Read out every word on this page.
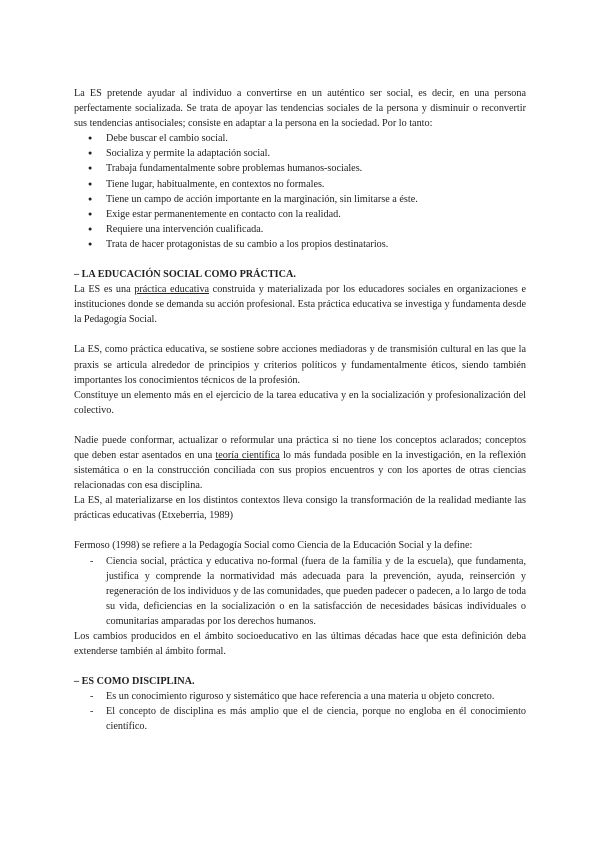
La ES pretende ayudar al individuo a convertirse en un auténtico ser social, es decir, en una persona perfectamente socializada. Se trata de apoyar las tendencias sociales de la persona y disminuir o reconvertir sus tendencias antisociales; consiste en adaptar a la persona en la sociedad. Por lo tanto:

● Debe buscar el cambio social.
● Socializa y permite la adaptación social.
● Trabaja fundamentalmente sobre problemas humanos-sociales.
● Tiene lugar, habitualmente, en contextos no formales.
● Tiene un campo de acción importante en la marginación, sin limitarse a éste.
● Exige estar permanentemente en contacto con la realidad.
● Requiere una intervención cualificada.
● Trata de hacer protagonistas de su cambio a los propios destinatarios.

– LA EDUCACIÓN SOCIAL COMO PRÁCTICA.

La ES es una práctica educativa construida y materializada por los educadores sociales en organizaciones e instituciones donde se demanda su acción profesional. Esta práctica educativa se investiga y fundamenta desde la Pedagogía Social.

La ES, como práctica educativa, se sostiene sobre acciones mediadoras y de transmisión cultural en las que la praxis se articula alrededor de principios y criterios políticos y fundamentalmente éticos, siendo también importantes los conocimientos técnicos de la profesión.

Constituye un elemento más en el ejercicio de la tarea educativa y en la socialización y profesionalización del colectivo.

Nadie puede conformar, actualizar o reformular una práctica si no tiene los conceptos aclarados; conceptos que deben estar asentados en una teoría científica lo más fundada posible en la investigación, en la reflexión sistemática o en la construcción conciliada con sus propios encuentros y con los aportes de otras ciencias relacionadas con esa disciplina.

La ES, al materializarse en los distintos contextos lleva consigo la transformación de la realidad mediante las prácticas educativas (Etxeberria, 1989)

Fermoso (1998) se refiere a la Pedagogía Social como Ciencia de la Educación Social y la define:

- Ciencia social, práctica y educativa no-formal (fuera de la familia y de la escuela), que fundamenta, justifica y comprende la normatividad más adecuada para la prevención, ayuda, reinserción y regeneración de los individuos y de las comunidades, que pueden padecer o padecen, a lo largo de toda su vida, deficiencias en la socialización o en la satisfacción de necesidades básicas individuales o comunitarias amparadas por los derechos humanos.

Los cambios producidos en el ámbito socioeducativo en las últimas décadas hace que esta definición deba extenderse también al ámbito formal.

– ES COMO DISCIPLINA.

- Es un conocimiento riguroso y sistemático que hace referencia a una materia u objeto concreto.
- El concepto de disciplina es más amplio que el de ciencia, porque no engloba en él conocimiento científico.
